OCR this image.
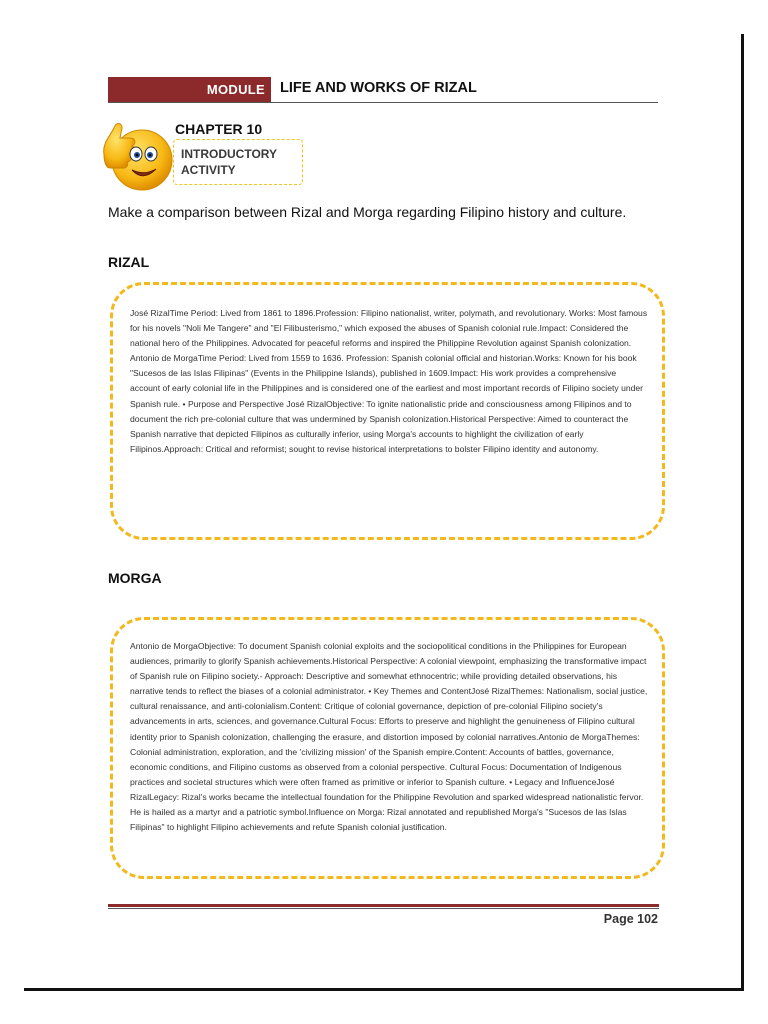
MODULE LIFE AND WORKS OF RIZAL
CHAPTER 10
INTRODUCTORY ACTIVITY
Make a comparison between Rizal and Morga regarding Filipino history and culture.
RIZAL
José RizalTime Period: Lived from 1861 to 1896.Profession: Filipino nationalist, writer, polymath, and revolutionary. Works: Most famous for his novels "Noli Me Tangere" and "El Filibusterismo," which exposed the abuses of Spanish colonial rule.Impact: Considered the national hero of the Philippines. Advocated for peaceful reforms and inspired the Philippine Revolution against Spanish colonization. Antonio de MorgaTime Period: Lived from 1559 to 1636. Profession: Spanish colonial official and historian.Works: Known for his book "Sucesos de las Islas Filipinas" (Events in the Philippine Islands), published in 1609.Impact: His work provides a comprehensive account of early colonial life in the Philippines and is considered one of the earliest and most important records of Filipino society under Spanish rule. • Purpose and Perspective José RizalObjective: To ignite nationalistic pride and consciousness among Filipinos and to document the rich pre-colonial culture that was undermined by Spanish colonization.Historical Perspective: Aimed to counteract the Spanish narrative that depicted Filipinos as culturally inferior, using Morga's accounts to highlight the civilization of early Filipinos.Approach: Critical and reformist; sought to revise historical interpretations to bolster Filipino identity and autonomy.
MORGA
Antonio de MorgaObjective: To document Spanish colonial exploits and the sociopolitical conditions in the Philippines for European audiences, primarily to glorify Spanish achievements.Historical Perspective: A colonial viewpoint, emphasizing the transformative impact of Spanish rule on Filipino society.- Approach: Descriptive and somewhat ethnocentric; while providing detailed observations, his narrative tends to reflect the biases of a colonial administrator. • Key Themes and ContentJosé RizalThemes: Nationalism, social justice, cultural renaissance, and anti-colonialism.Content: Critique of colonial governance, depiction of pre-colonial Filipino society's advancements in arts, sciences, and governance.Cultural Focus: Efforts to preserve and highlight the genuineness of Filipino cultural identity prior to Spanish colonization, challenging the erasure, and distortion imposed by colonial narratives.Antonio de MorgaThemes: Colonial administration, exploration, and the 'civilizing mission' of the Spanish empire.Content: Accounts of battles, governance, economic conditions, and Filipino customs as observed from a colonial perspective. Cultural Focus: Documentation of Indigenous practices and societal structures which were often framed as primitive or inferior to Spanish culture. • Legacy and InfluenceJosé RizalLegacy: Rizal's works became the intellectual foundation for the Philippine Revolution and sparked widespread nationalistic fervor. He is hailed as a martyr and a patriotic symbol.Influence on Morga: Rizal annotated and republished Morga's "Sucesos de las Islas Filipinas" to highlight Filipino achievements and refute Spanish colonial justification.
Page 102
